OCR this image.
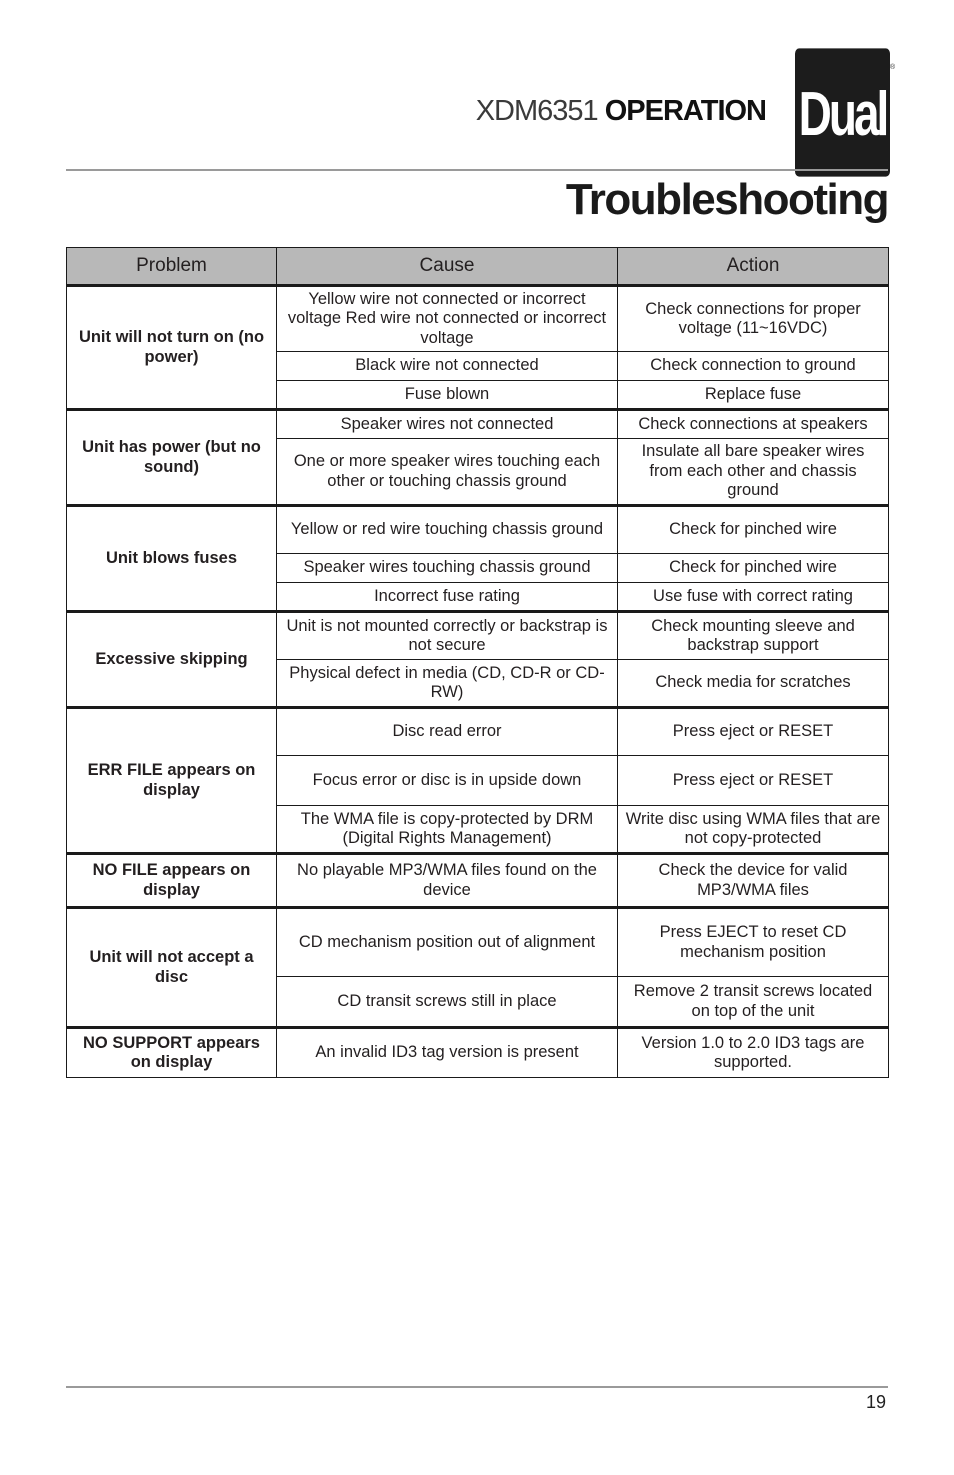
XDM6351 OPERATION Dual
®
Troubleshooting
Problem	Cause	Action
Unit will not turn on (no power)	Yellow wire not connected or incorrect voltage Red wire not connected or incorrect voltage	Check connections for proper voltage (11~16VDC)
	Black wire not connected	Check connection to ground
	Fuse blown	Replace fuse
Unit has power (but no sound)	Speaker wires not connected	Check connections at speakers
	One or more speaker wires touching each other or touching chassis ground	Insulate all bare speaker wires from each other and chassis ground
Unit blows fuses	Yellow or red wire touching chassis ground	Check for pinched wire
	Speaker wires touching chassis ground	Check for pinched wire
	Incorrect fuse rating	Use fuse with correct rating
Excessive skipping	Unit is not mounted correctly or backstrap is not secure	Check mounting sleeve and backstrap support
	Physical defect in media (CD, CD-R or CD-RW)	Check media for scratches
ERR FILE appears on display	Disc read error	Press eject or RESET
	Focus error or disc is in upside down	Press eject or RESET
	The WMA file is copy-protected by DRM (Digital Rights Management)	Write disc using WMA files that are not copy-protected
NO FILE appears on display	No playable MP3/WMA files found on the device	Check the device for valid MP3/WMA files
Unit will not accept a disc	CD mechanism position out of alignment	Press EJECT to reset CD mechanism position
	CD transit screws still in place	Remove 2 transit screws located on top of the unit
NO SUPPORT appears on display	An invalid ID3 tag version is present	Version 1.0 to 2.0 ID3 tags are supported.
19
